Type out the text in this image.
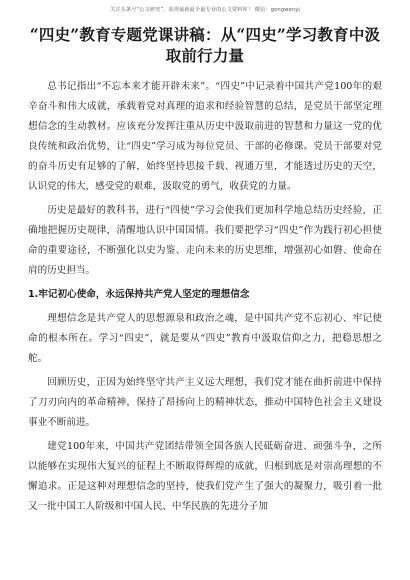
关注头条号“公文研究”，获得最新最全最专业的公文资料库！ 微信：gongwenyj
“四史”教育专题党课讲稿：从“四史”学习教育中汲取前行力量

总书记指出“不忘本来才能开辟未来”。“四史”中记录着中国共产党100年的艰辛奋斗和伟大成就，承载着党对真理的追求和经验智慧的总结，是党员干部坚定理想信念的生动教材。应该充分发挥注重从历史中汲取前进的智慧和力量这一党的优良传统和政治优势，让“四史”学习成为每位党员、干部的必修课。党员干部要对党的奋斗历史有足够的了解，始终坚持思接千载、视通万里，才能透过历史的天空，认识党的伟大，感受党的艰难，汲取党的勇气，收获党的力量。

历史是最好的教科书，进行“四使”学习会使我们更加科学地总结历史经验，正确地把握历史规律，清醒地认识中国国情。我们要把学习“四史”作为践行初心担使命的重要途径，不断强化以史为鉴、走向未来的历史思维，增强初心如磐、使命在肩的历史担当。

1.牢记初心使命，永远保持共产党人坚定的理想信念

理想信念是共产党人的思想源泉和政治之魂，是中国共产党不忘初心、牢记使命的根本所在。学习“四史”，就是要从“四史”教育中汲取信仰之力，把稳思想之舵。

回顾历史，正因为始终坚守共产主义远大理想，我们党才能在曲折前进中保持了刀刃向内的革命精神，保持了昂扬向上的精神状态，推动中国特色社会主义建设事业不断前进。

建党100年来，中国共产党团结带领全国各族人民砥砺奋进、顽强斗争，之所以能够在实现伟大复兴的征程上不断取得辉煌的成就，归根到底是对崇高理想的不懈追求。正是这种对理想信念的坚持，使我们党产生了强大的凝聚力，吸引着一批又一批中国工人阶级和中国人民、中华民族的先进分子加
